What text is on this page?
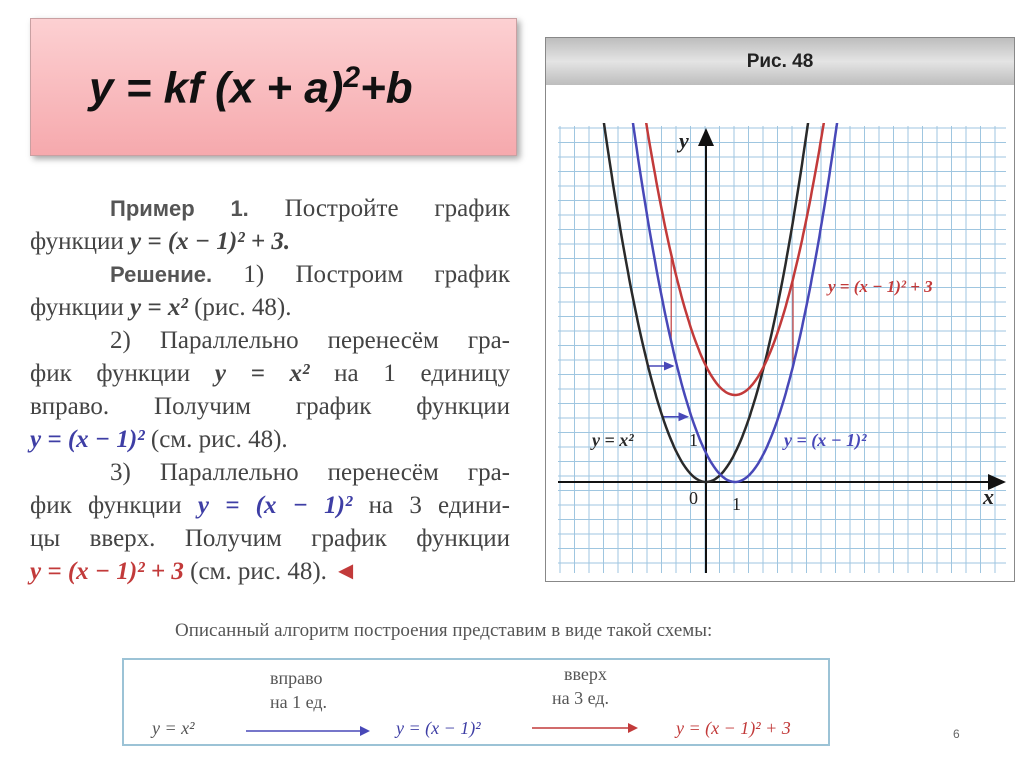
y = kf $(x + a)^2+b$

Пример 1. Постройте график

функции y = (x − 1)² + 3.

Решение. 1) Построим график

функции y = x² (рис. 48).

2) Параллельно перенесём гра-

фик функции y = x² на 1 единицу

вправо. Получим график функции

y = (x − 1)² (см. рис. 48).

3) Параллельно перенесём гра-

фик функции y = (x − 1)² на 3 едини-

цы вверх. Получим график функции

y = (x − 1)² + 3 (см. рис. 48). ◄

Рис. 48
x
y
0 1
1
y = x²	y = (x − 1)²
y = (x − 1)² + 3
Описанный алгоритм построения представим в виде такой схемы:
вправо
на 1 ед.
вверх
на 3 ед.
y = x²	y = (x − 1)²	y = (x − 1)² + 3	6
